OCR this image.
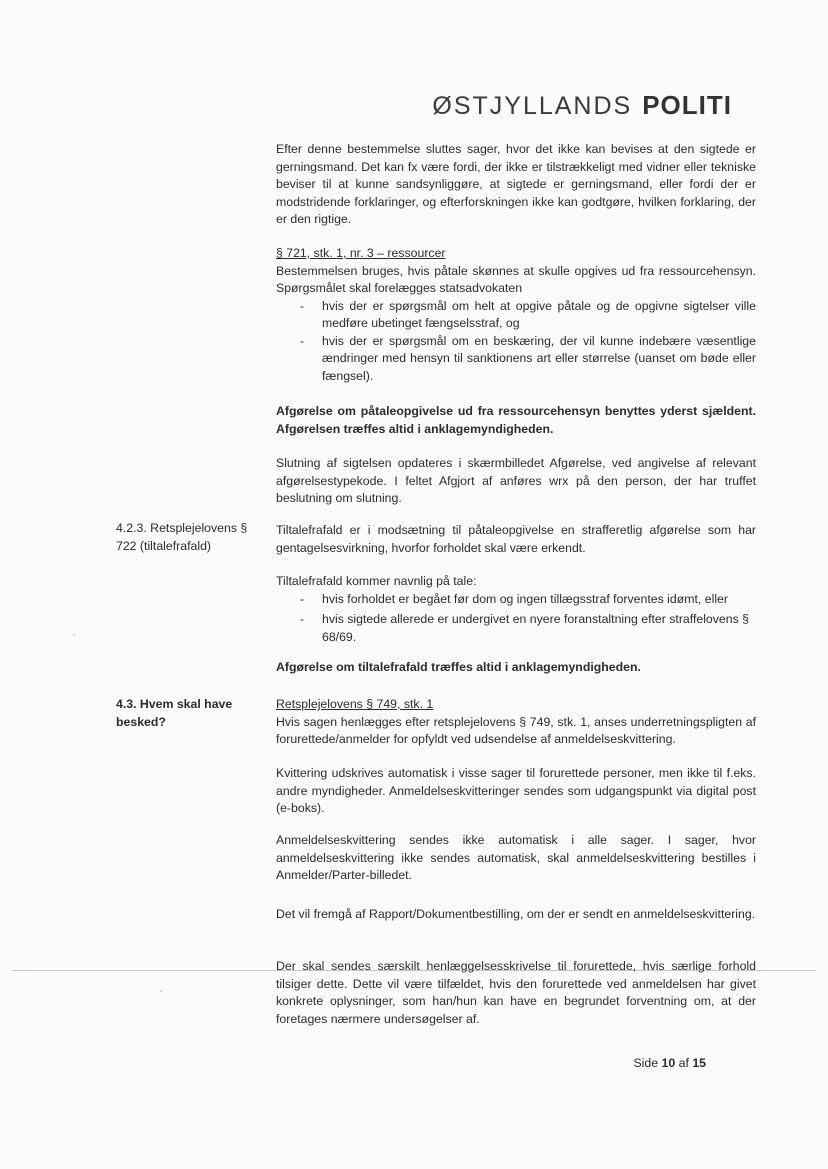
ØSTJYLLANDS POLITI

Efter denne bestemmelse sluttes sager, hvor det ikke kan bevises at den sigtede er gerningsmand. Det kan fx være fordi, der ikke er tilstrækkeligt med vidner eller tekniske beviser til at kunne sandsynliggøre, at sigtede er gerningsmand, eller fordi der er modstridende forklaringer, og efterforskningen ikke kan godtgøre, hvilken forklaring, der er den rigtige.

§ 721, stk. 1, nr. 3 – ressourcer

Bestemmelsen bruges, hvis påtale skønnes at skulle opgives ud fra ressourcehensyn. Spørgsmålet skal forelægges statsadvokaten

- hvis der er spørgsmål om helt at opgive påtale og de opgivne sigtelser ville medføre ubetinget fængselsstraf, og
- hvis der er spørgsmål om en beskæring, der vil kunne indebære væsentlige ændringer med hensyn til sanktionens art eller størrelse (uanset om bøde eller fængsel).

Afgørelse om påtaleopgivelse ud fra ressourcehensyn benyttes yderst sjældent. Afgørelsen træffes altid i anklagemyndigheden.

Slutning af sigtelsen opdateres i skærmbilledet Afgørelse, ved angivelse af relevant afgørelsestypekode. I feltet Afgjort af anføres wrx på den person, der har truffet beslutning om slutning.

4.2.3. Retsplejelovens § 722 (tiltalefrafald)

Tiltalefrafald er i modsætning til påtaleopgivelse en strafferetlig afgørelse som har gentagelsesvirkning, hvorfor forholdet skal være erkendt.

Tiltalefrafald kommer navnlig på tale:

- hvis forholdet er begået før dom og ingen tillægsstraf forventes idømt, eller
- hvis sigtede allerede er undergivet en nyere foranstaltning efter straffelovens § 68/69.

Afgørelse om tiltalefrafald træffes altid i anklagemyndigheden.

4.3. Hvem skal have besked?

Retsplejelovens § 749, stk. 1

Hvis sagen henlægges efter retsplejelovens § 749, stk. 1, anses underretningspligten af forurettede/anmelder for opfyldt ved udsendelse af anmeldelseskvittering.

Kvittering udskrives automatisk i visse sager til forurettede personer, men ikke til f.eks. andre myndigheder. Anmeldelseskvitteringer sendes som udgangspunkt via digital post (e-boks).

Anmeldelseskvittering sendes ikke automatisk i alle sager. I sager, hvor anmeldelseskvittering ikke sendes automatisk, skal anmeldelseskvittering bestilles i Anmelder/Parter-billedet.

Det vil fremgå af Rapport/Dokumentbestilling, om der er sendt en anmeldelseskvittering.

Der skal sendes særskilt henlæggelsesskrivelse til forurettede, hvis særlige forhold tilsiger dette. Dette vil være tilfældet, hvis den forurettede ved anmeldelsen har givet konkrete oplysninger, som han/hun kan have en begrundet forventning om, at der foretages nærmere undersøgelser af.

Side 10 af 15
